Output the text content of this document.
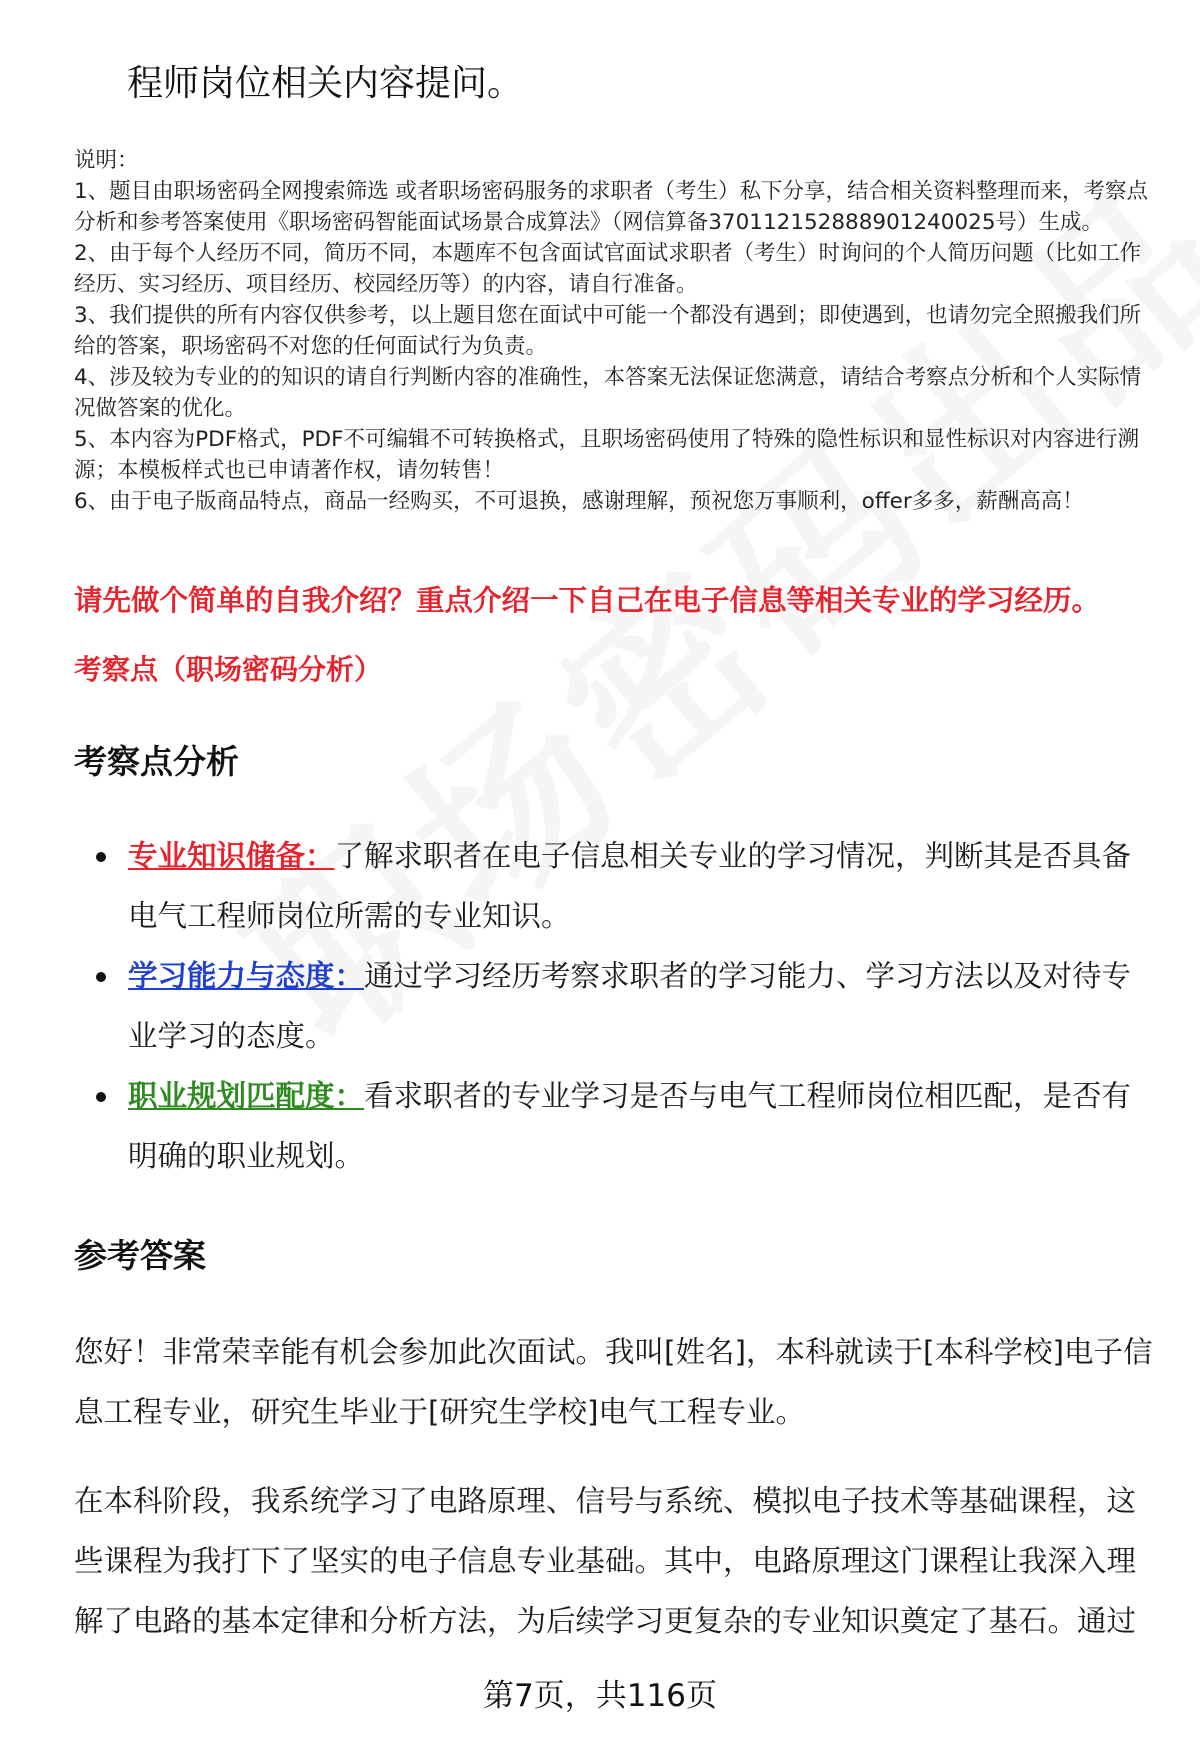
程师岗位相关内容提问。

说明：

1、题目由职场密码全网搜索筛选 或者职场密码服务的求职者（考生）私下分享，结合相关资料整理而来，考察点分析和参考答案使用《职场密码智能面试场景合成算法》（网信算备370112152888901240025号）生成。

2、由于每个人经历不同，简历不同，本题库不包含面试官面试求职者（考生）时询问的个人简历问题（比如工作经历、实习经历、项目经历、校园经历等）的内容，请自行准备。

3、我们提供的所有内容仅供参考，以上题目您在面试中可能一个都没有遇到；即使遇到，也请勿完全照搬我们所给的答案，职场密码不对您的任何面试行为负责。

4、涉及较为专业的的知识的请自行判断内容的准确性，本答案无法保证您满意，请结合考察点分析和个人实际情况做答案的优化。

5、本内容为PDF格式，PDF不可编辑不可转换格式，且职场密码使用了特殊的隐性标识和显性标识对内容进行溯源；本模板样式也已申请著作权，请勿转售！

6、由于电子版商品特点，商品一经购买，不可退换，感谢理解，预祝您万事顺利，offer多多，薪酬高高！

请先做个简单的自我介绍？重点介绍一下自己在电子信息等相关专业的学习经历。
考察点（职场密码分析）
考察点分析
专业知识储备：了解求职者在电子信息相关专业的学习情况，判断其是否具备电气工程师岗位所需的专业知识。
学习能力与态度：通过学习经历考察求职者的学习能力、学习方法以及对待专业学习的态度。
职业规划匹配度：看求职者的专业学习是否与电气工程师岗位相匹配，是否有明确的职业规划。
参考答案

您好！非常荣幸能有机会参加此次面试。我叫[姓名]，本科就读于[本科学校]电子信息工程专业，研究生毕业于[研究生学校]电气工程专业。

在本科阶段，我系统学习了电路原理、信号与系统、模拟电子技术等基础课程，这些课程为我打下了坚实的电子信息专业基础。其中，电路原理这门课程让我深入理解了电路的基本定律和分析方法，为后续学习更复杂的专业知识奠定了基石。通过

第7页，共116页
